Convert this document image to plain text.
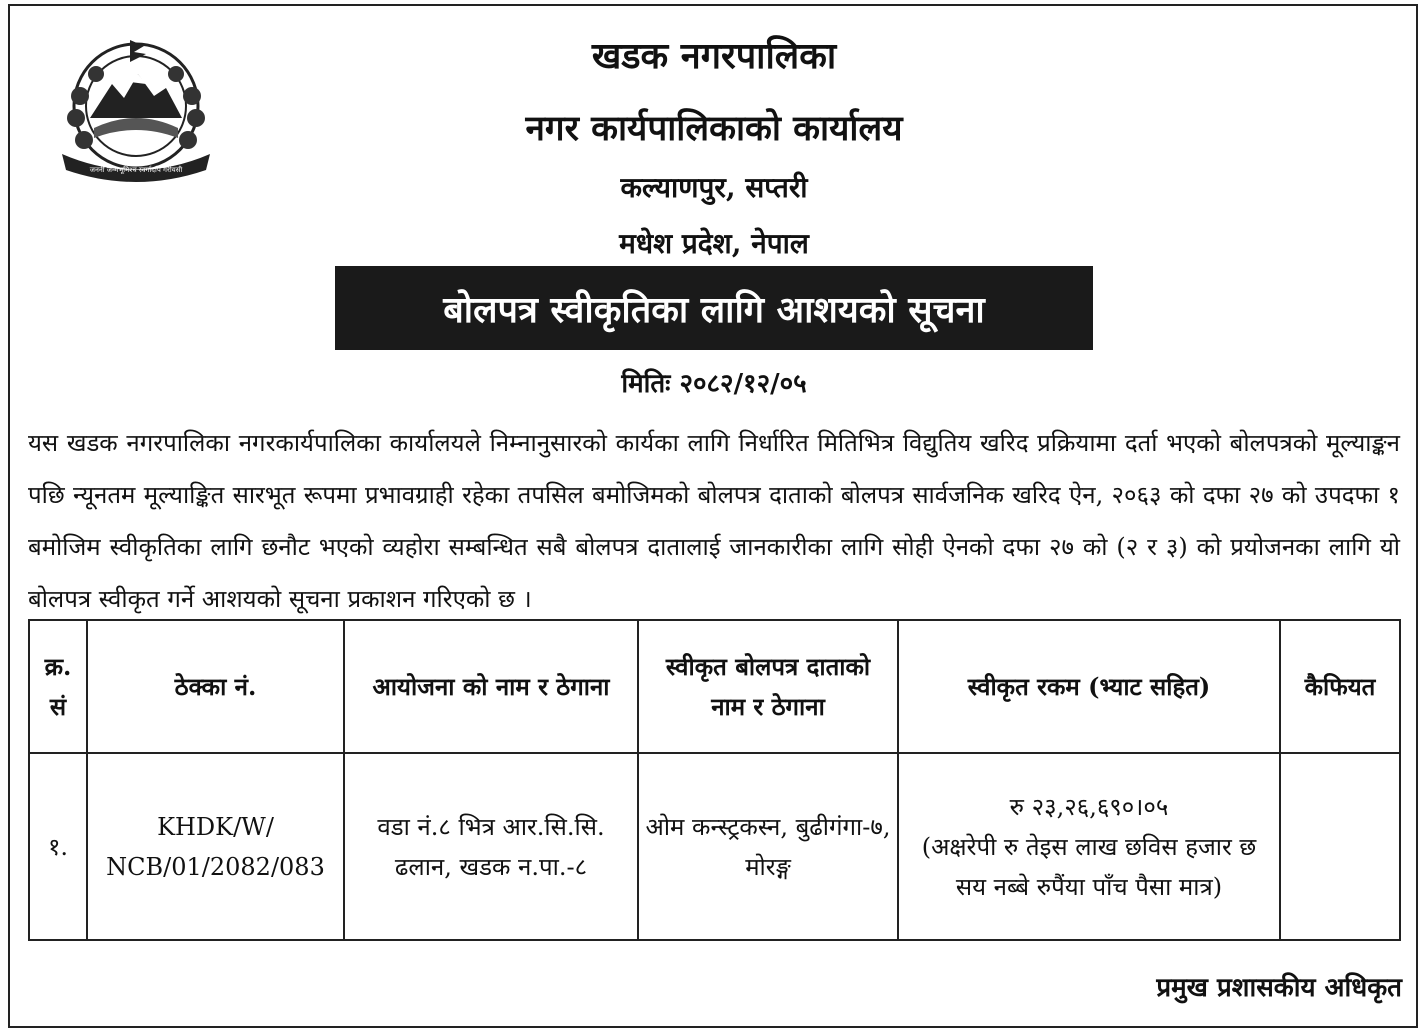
जननी जन्मभूमिश्च स्वर्गादपि गरीयसी
खडक नगरपालिका
नगर कार्यपालिकाको कार्यालय
कल्याणपुर, सप्तरी
मधेश प्रदेश, नेपाल
बोलपत्र स्वीकृतिका लागि आशयको सूचना
मितिः २०८२/१२/०५

यस खडक नगरपालिका नगरकार्यपालिका कार्यालयले निम्नानुसारको कार्यका लागि निर्धारित मितिभित्र विद्युतिय खरिद प्रक्रियामा दर्ता भएको बोलपत्रको मूल्याङ्कन पछि न्यूनतम मूल्याङ्कित सारभूत रूपमा प्रभावग्राही रहेका तपसिल बमोजिमको बोलपत्र दाताको बोलपत्र सार्वजनिक खरिद ऐन, २०६३ को दफा २७ को उपदफा १ बमोजिम स्वीकृतिका लागि छनौट भएको व्यहोरा सम्बन्धित सबै बोलपत्र दातालाई जानकारीका लागि सोही ऐनको दफा २७ को (२ र ३) को प्रयोजनका लागि यो बोलपत्र स्वीकृत गर्ने आशयको सूचना प्रकाशन गरिएको छ ।

क्र. सं	ठेक्का नं.	आयोजना को नाम र ठेगाना	स्वीकृत बोलपत्र दाताको नाम र ठेगाना	स्वीकृत रकम (भ्याट सहित)	कैफियत
१.	KHDK/W/ NCB/01/2082/083	वडा नं.८ भित्र आर.सि.सि. ढलान, खडक न.पा.-८	ओम कन्स्ट्रकस्न, बुढीगंगा-७, मोरङ्ग	रु २३,२६,६९०।०५
(अक्षरेपी रु तेइस लाख छविस हजार छ सय नब्बे रुपैंया पाँच पैसा मात्र)	

प्रमुख प्रशासकीय अधिकृत
